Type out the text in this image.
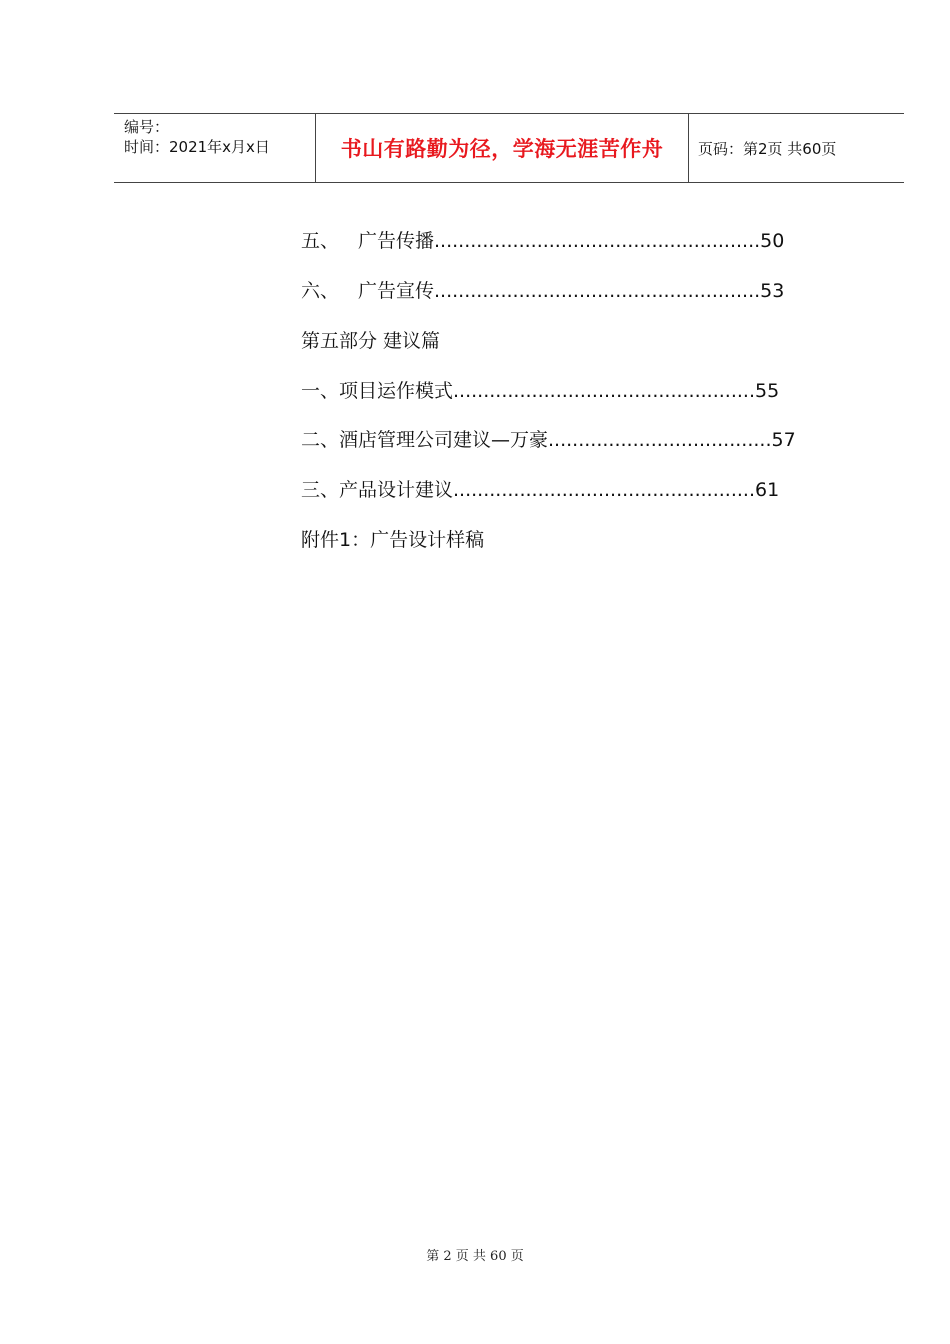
编号：
时间：2021年x月x日	书山有路勤为径，学海无涯苦作舟	页码：第2页 共60页
五、 广告传播......................................................50
六、 广告宣传......................................................53
第五部分 建议篇
一、项目运作模式..................................................55
二、酒店管理公司建议—万豪.....................................57
三、产品设计建议..................................................61
附件1：广告设计样稿
第 2 页 共 60 页
